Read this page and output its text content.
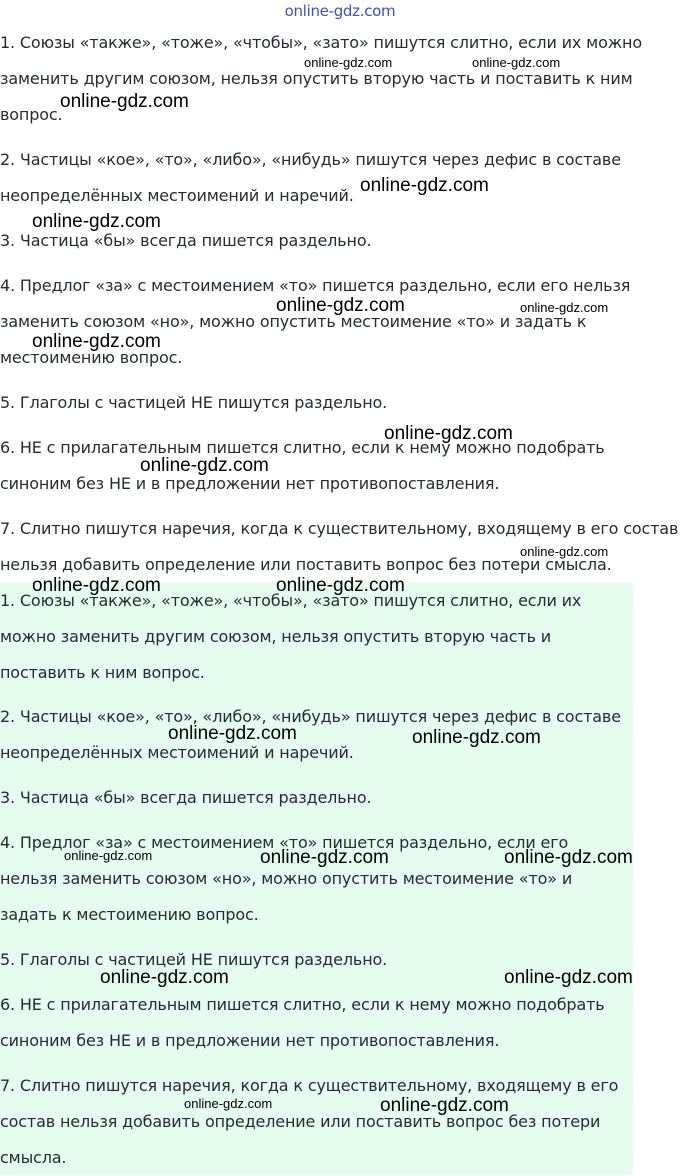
online-gdz.com

1. Союзы «также», «тоже», «чтобы», «зато» пишутся слитно, если их можно
заменить другим союзом, нельзя опустить вторую часть и поставить к ним
вопрос.

2. Частицы «кое», «то», «либо», «нибудь» пишутся через дефис в составе
неопределённых местоимений и наречий.

3. Частица «бы» всегда пишется раздельно.

4. Предлог «за» с местоимением «то» пишется раздельно, если его нельзя
заменить союзом «но», можно опустить местоимение «то» и задать к
местоимению вопрос.

5. Глаголы с частицей НЕ пишутся раздельно.

6. НЕ с прилагательным пишется слитно, если к нему можно подобрать
синоним без НЕ и в предложении нет противопоставления.

7. Слитно пишутся наречия, когда к существительному, входящему в его состав
нельзя добавить определение или поставить вопрос без потери смысла.

1. Союзы «также», «тоже», «чтобы», «зато» пишутся слитно, если их
можно заменить другим союзом, нельзя опустить вторую часть и
поставить к ним вопрос.

2. Частицы «кое», «то», «либо», «нибудь» пишутся через дефис в составе
неопределённых местоимений и наречий.

3. Частица «бы» всегда пишется раздельно.

4. Предлог «за» с местоимением «то» пишется раздельно, если его
нельзя заменить союзом «но», можно опустить местоимение «то» и
задать к местоимению вопрос.

5. Глаголы с частицей НЕ пишутся раздельно.

6. НЕ с прилагательным пишется слитно, если к нему можно подобрать
синоним без НЕ и в предложении нет противопоставления.

7. Слитно пишутся наречия, когда к существительному, входящему в его
состав нельзя добавить определение или поставить вопрос без потери
смысла.

online-gdz.com	online-gdz.com
online-gdz.com
online-gdz.com
online-gdz.com
online-gdz.com	online-gdz.com
online-gdz.com
online-gdz.com
online-gdz.com
online-gdz.com
online-gdz.com	online-gdz.com
online-gdz.com	online-gdz.com
online-gdz.com	online-gdz.com	online-gdz.com
online-gdz.com	online-gdz.com
online-gdz.com	online-gdz.com
